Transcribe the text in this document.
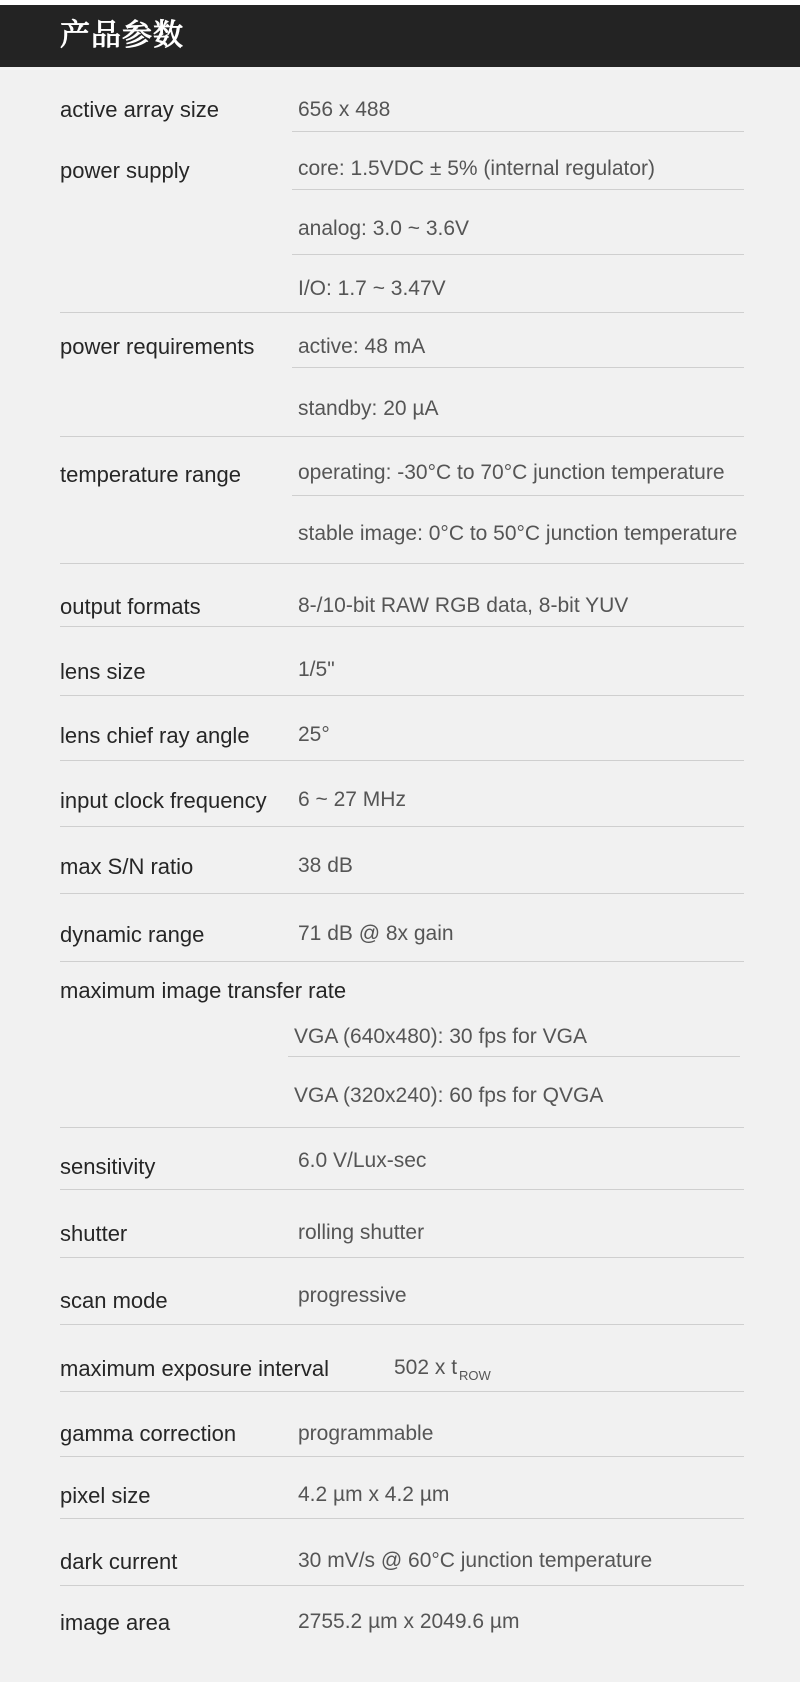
产品参数
active array size	656 x 488
power supply	core: 1.5VDC ± 5% (internal regulator)
analog: 3.0 ~ 3.6V
I/O: 1.7 ~ 3.47V
power requirements active: 48 mA
standby: 20 µA
temperature range	operating: -30°C to 70°C junction temperature
stable image: 0°C to 50°C junction temperature
output formats	8-/10-bit RAW RGB data, 8-bit YUV
lens size	1/5"
lens chief ray angle 25°
input clock frequency 6 ~ 27 MHz
max S/N ratio	38 dB
dynamic range	71 dB @ 8x gain
maximum image transfer rate
VGA (640x480): 30 fps for VGA
VGA (320x240): 60 fps for QVGA
sensitivity	6.0 V/Lux-sec
shutter	rolling shutter
scan mode	progressive
maximum exposure interval	502 x t $_{ROW}$
gamma correction	programmable
pixel size	4.2 µm x 4.2 µm
dark current	30 mV/s @ 60°C junction temperature
image area	2755.2 µm x 2049.6 µm
